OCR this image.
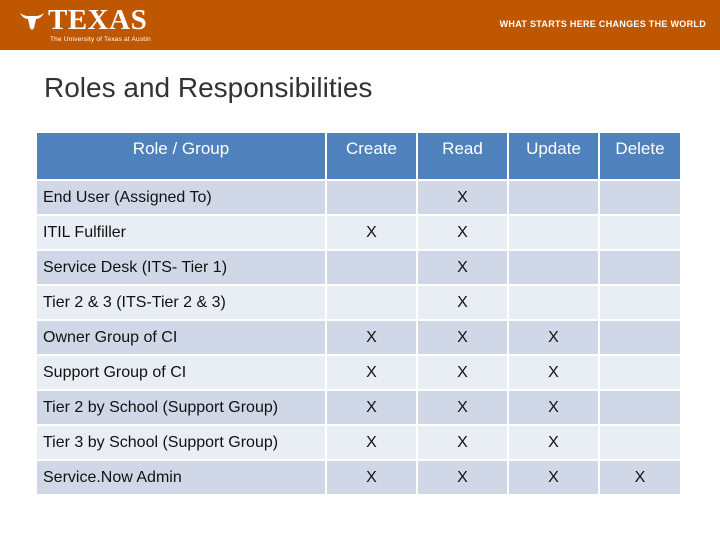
TEXAS
The University of Texas at Austin
WHAT STARTS HERE CHANGES THE WORLD
Roles and Responsibilities
Role / Group	Create	Read	Update	Delete
End User (Assigned To)		X		
ITIL Fulfiller	X	X		
Service Desk (ITS- Tier 1)		X		
Tier 2 & 3 (ITS-Tier 2 & 3)		X		
Owner Group of CI	X	X	X	
Support Group of CI	X	X	X	
Tier 2 by School (Support Group)	X	X	X	
Tier 3 by School (Support Group)	X	X	X	
Service.Now Admin	X	X	X	X
